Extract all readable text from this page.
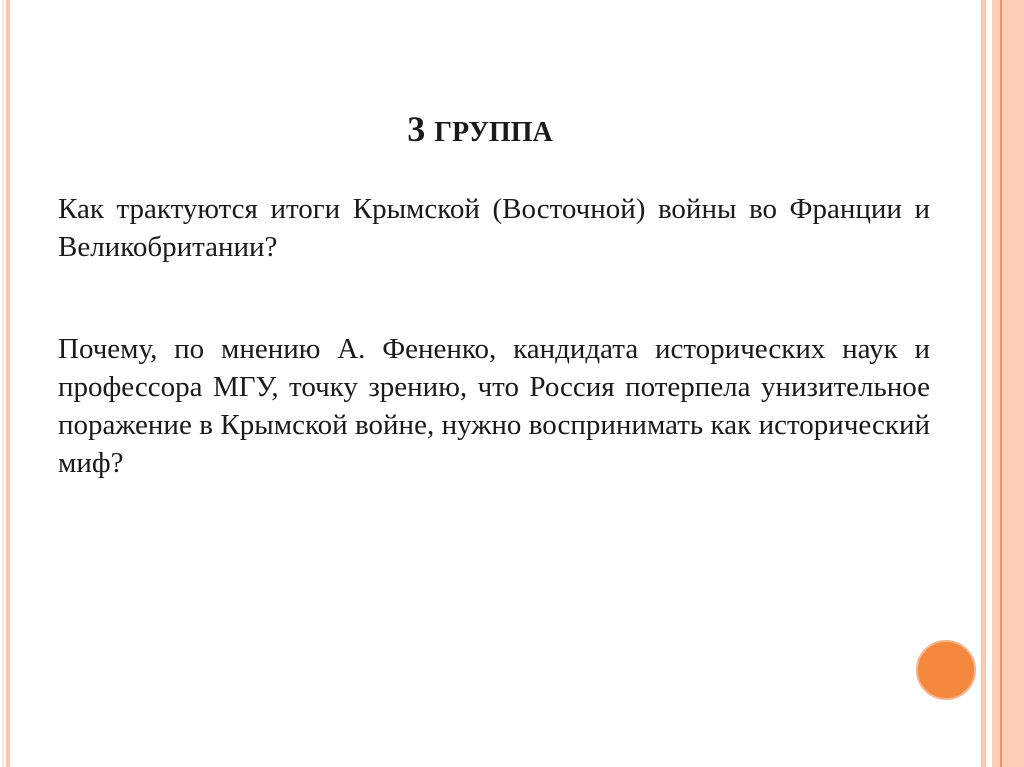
3 ГРУППА
Как трактуются итоги Крымской (Восточной) войны во Франции и Великобритании?
Почему, по мнению А. Фененко, кандидата исторических наук и профессора МГУ, точку зрению, что Россия потерпела унизительное поражение в Крымской войне, нужно воспринимать как исторический миф?
